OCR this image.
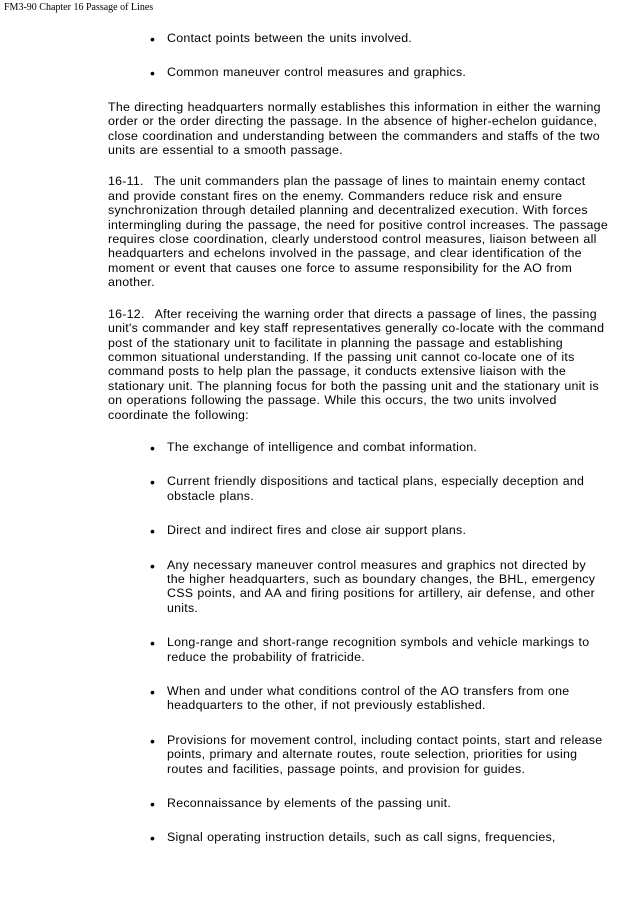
FM3-90 Chapter 16 Passage of Lines
• Contact points between the units involved.
• Common maneuver control measures and graphics.

The directing headquarters normally establishes this information in either the warning order or the order directing the passage. In the absence of higher-echelon guidance, close coordination and understanding between the commanders and staffs of the two units are essential to a smooth passage.

16-11. The unit commanders plan the passage of lines to maintain enemy contact and provide constant fires on the enemy. Commanders reduce risk and ensure synchronization through detailed planning and decentralized execution. With forces intermingling during the passage, the need for positive control increases. The passage requires close coordination, clearly understood control measures, liaison between all headquarters and echelons involved in the passage, and clear identification of the moment or event that causes one force to assume responsibility for the AO from another.

16-12. After receiving the warning order that directs a passage of lines, the passing unit's commander and key staff representatives generally co-locate with the command post of the stationary unit to facilitate in planning the passage and establishing common situational understanding. If the passing unit cannot co-locate one of its command posts to help plan the passage, it conducts extensive liaison with the stationary unit. The planning focus for both the passing unit and the stationary unit is on operations following the passage. While this occurs, the two units involved coordinate the following:

• The exchange of intelligence and combat information.
• Current friendly dispositions and tactical plans, especially deception and obstacle plans.
• Direct and indirect fires and close air support plans.
• Any necessary maneuver control measures and graphics not directed by the higher headquarters, such as boundary changes, the BHL, emergency CSS points, and AA and firing positions for artillery, air defense, and other units.
• Long-range and short-range recognition symbols and vehicle markings to reduce the probability of fratricide.
• When and under what conditions control of the AO transfers from one headquarters to the other, if not previously established.
• Provisions for movement control, including contact points, start and release points, primary and alternate routes, route selection, priorities for using routes and facilities, passage points, and provision for guides.
• Reconnaissance by elements of the passing unit.
• Signal operating instruction details, such as call signs, frequencies,
